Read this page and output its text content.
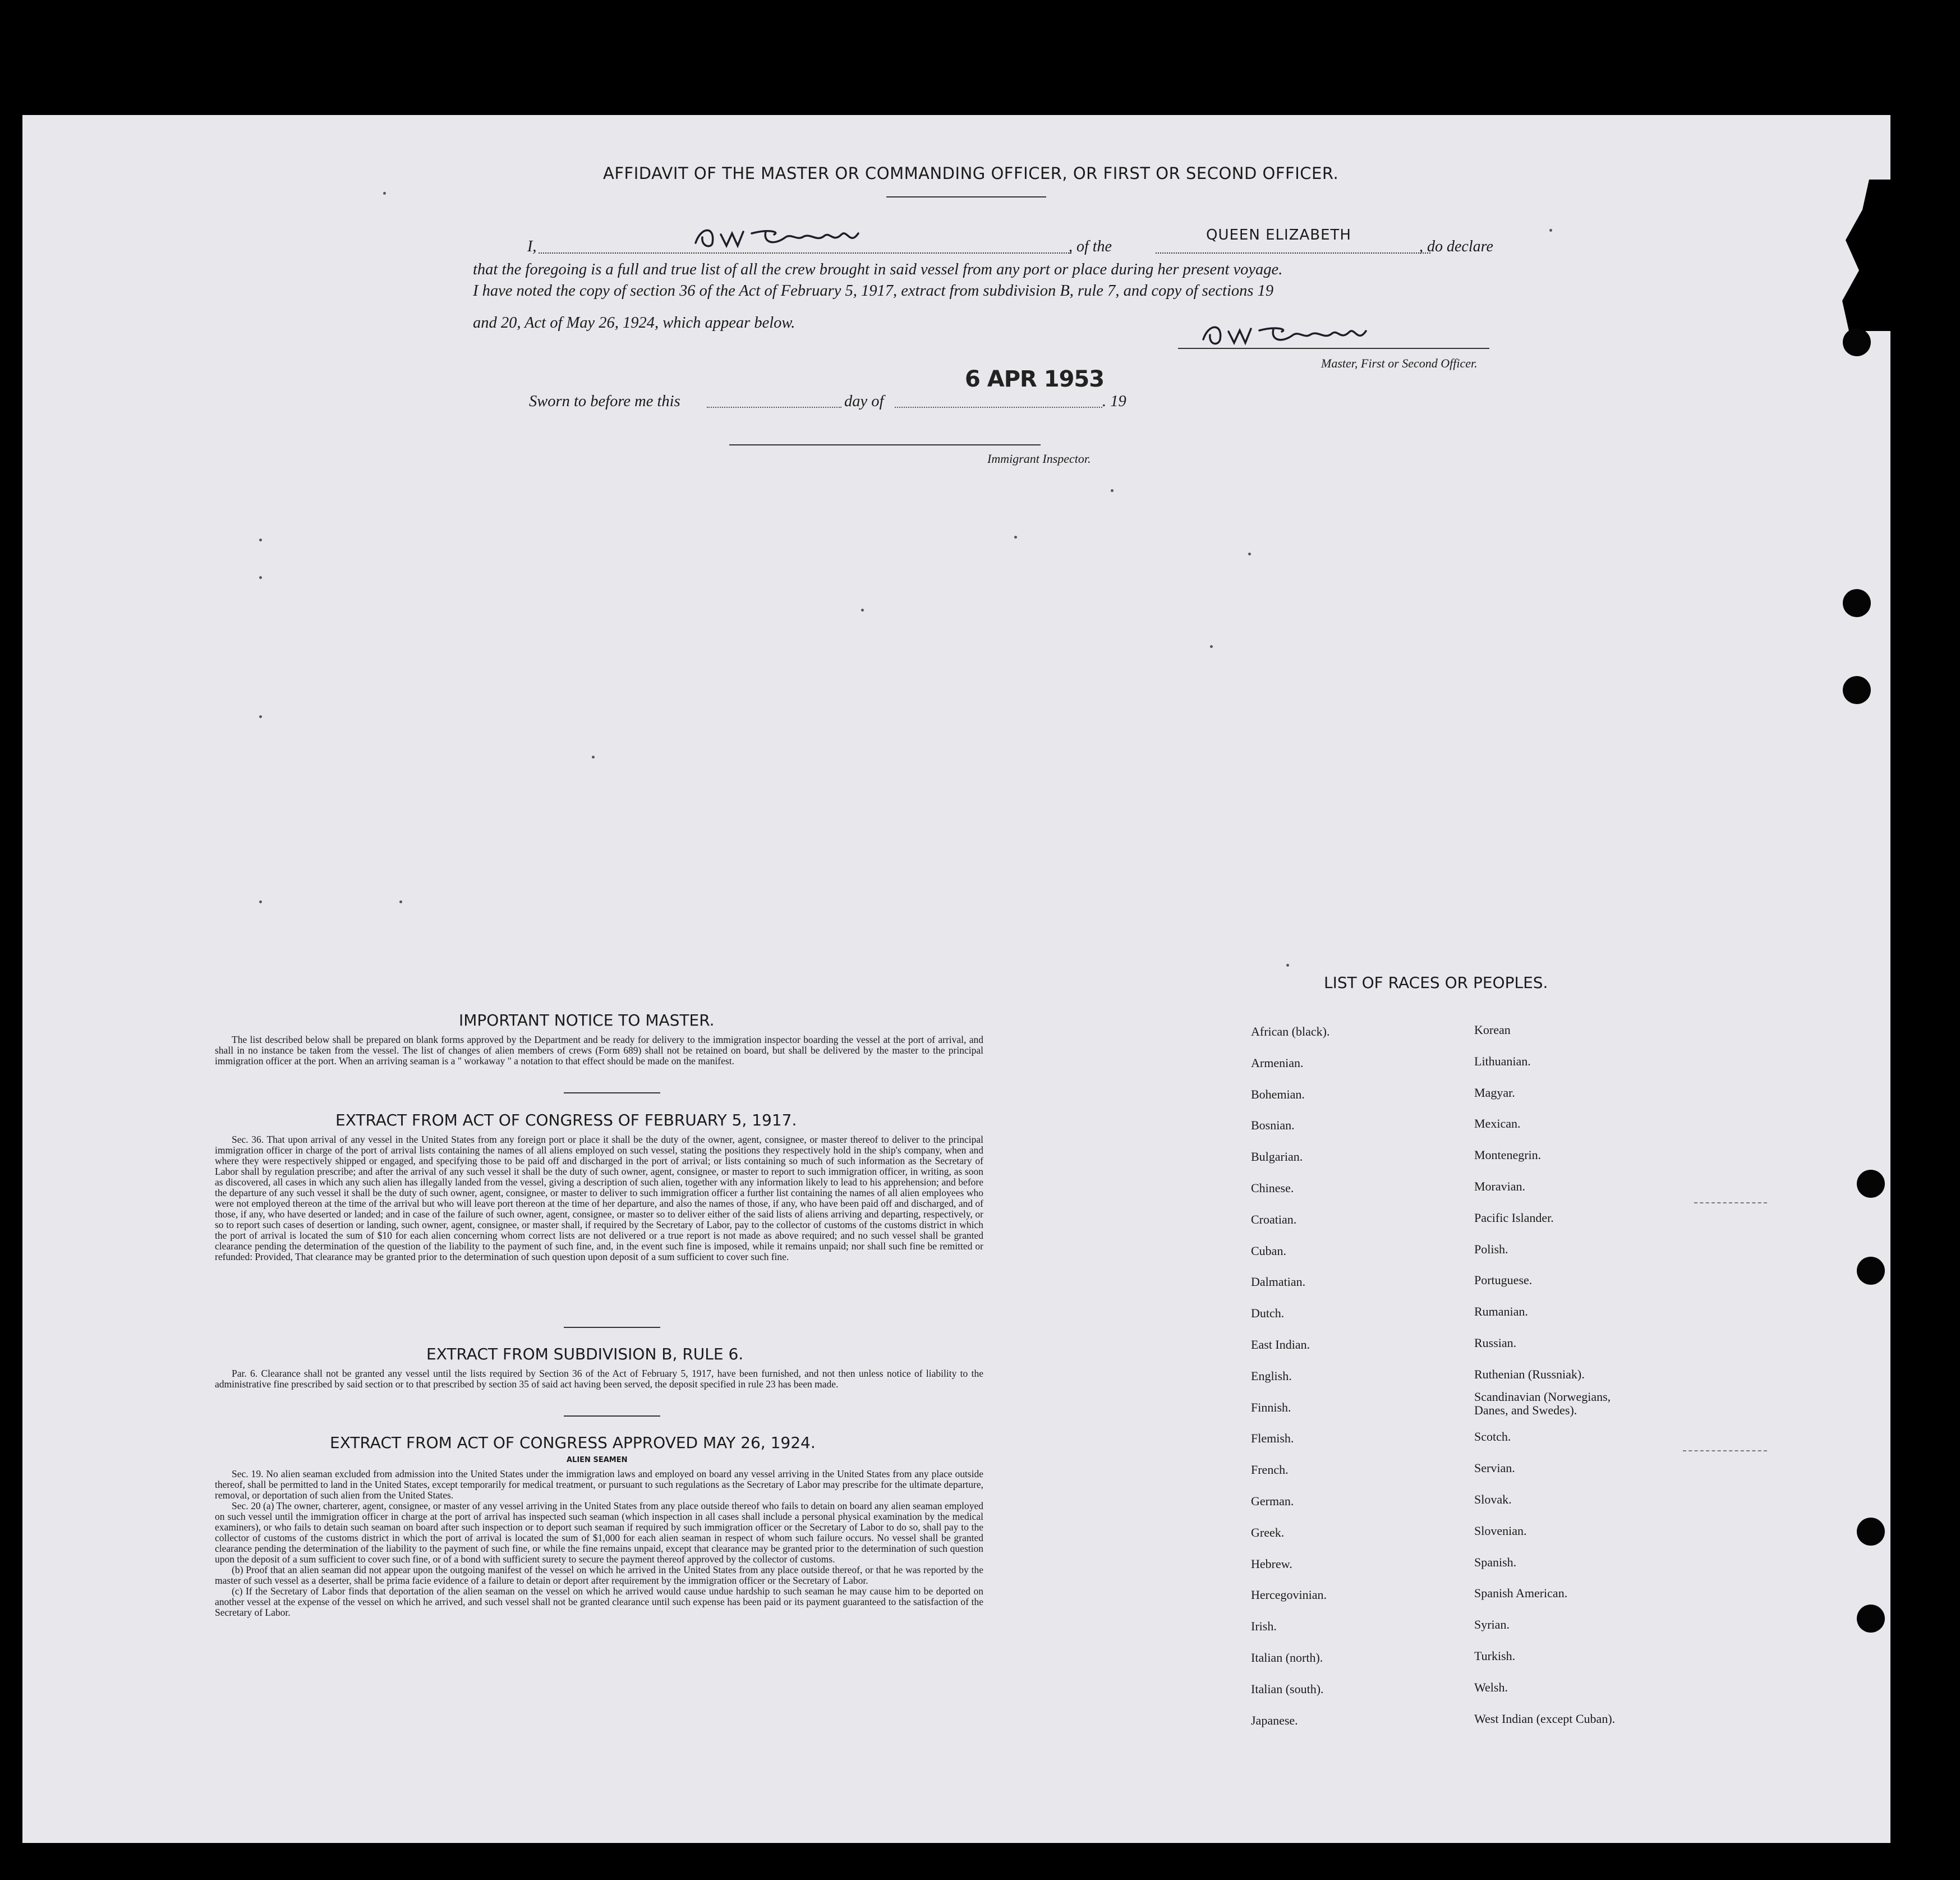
AFFIDAVIT OF THE MASTER OR COMMANDING OFFICER, OR FIRST OR SECOND OFFICER.
I,	, of the
QUEEN ELIZABETH
, do declare
that the foregoing is a full and true list of all the crew brought in said vessel from any port or place during her present voyage.
I have noted the copy of section 36 of the Act of February 5, 1917, extract from subdivision B, rule 7, and copy of sections 19
and 20, Act of May 26, 1924, which appear below.
Master, First or Second Officer.
Sworn to before me this	day of
6 APR 1953
. 19
Immigrant Inspector.
IMPORTANT NOTICE TO MASTER.

The list described below shall be prepared on blank forms approved by the Department and be ready for delivery to the immigration inspector boarding the vessel at the port of arrival, and shall in no instance be taken from the vessel. The list of changes of alien members of crews (Form 689) shall not be retained on board, but shall be delivered by the master to the principal immigration officer at the port. When an arriving seaman is a " workaway " a notation to that effect should be made on the manifest.

EXTRACT FROM ACT OF CONGRESS OF FEBRUARY 5, 1917.

Sec. 36. That upon arrival of any vessel in the United States from any foreign port or place it shall be the duty of the owner, agent, consignee, or master thereof to deliver to the principal immigration officer in charge of the port of arrival lists containing the names of all aliens employed on such vessel, stating the positions they respectively hold in the ship's company, when and where they were respectively shipped or engaged, and specifying those to be paid off and discharged in the port of arrival; or lists containing so much of such information as the Secretary of Labor shall by regulation prescribe; and after the arrival of any such vessel it shall be the duty of such owner, agent, consignee, or master to report to such immigration officer, in writing, as soon as discovered, all cases in which any such alien has illegally landed from the vessel, giving a description of such alien, together with any information likely to lead to his apprehension; and before the departure of any such vessel it shall be the duty of such owner, agent, consignee, or master to deliver to such immigration officer a further list containing the names of all alien employees who were not employed thereon at the time of the arrival but who will leave port thereon at the time of her departure, and also the names of those, if any, who have been paid off and discharged, and of those, if any, who have deserted or landed; and in case of the failure of such owner, agent, consignee, or master so to deliver either of the said lists of aliens arriving and departing, respectively, or so to report such cases of desertion or landing, such owner, agent, consignee, or master shall, if required by the Secretary of Labor, pay to the collector of customs of the customs district in which the port of arrival is located the sum of $10 for each alien concerning whom correct lists are not delivered or a true report is not made as above required; and no such vessel shall be granted clearance pending the determination of the question of the liability to the payment of such fine, and, in the event such fine is imposed, while it remains unpaid; nor shall such fine be remitted or refunded: Provided, That clearance may be granted prior to the determination of such question upon deposit of a sum sufficient to cover such fine.

EXTRACT FROM SUBDIVISION B, RULE 6.

Par. 6. Clearance shall not be granted any vessel until the lists required by Section 36 of the Act of February 5, 1917, have been furnished, and not then unless notice of liability to the administrative fine prescribed by said section or to that prescribed by section 35 of said act having been served, the deposit specified in rule 23 has been made.

EXTRACT FROM ACT OF CONGRESS APPROVED MAY 26, 1924.
ALIEN SEAMEN

Sec. 19. No alien seaman excluded from admission into the United States under the immigration laws and employed on board any vessel arriving in the United States from any place outside thereof, shall be permitted to land in the United States, except temporarily for medical treatment, or pursuant to such regulations as the Secretary of Labor may prescribe for the ultimate departure, removal, or deportation of such alien from the United States.

Sec. 20 (a) The owner, charterer, agent, consignee, or master of any vessel arriving in the United States from any place outside thereof who fails to detain on board any alien seaman employed on such vessel until the immigration officer in charge at the port of arrival has inspected such seaman (which inspection in all cases shall include a personal physical examination by the medical examiners), or who fails to detain such seaman on board after such inspection or to deport such seaman if required by such immigration officer or the Secretary of Labor to do so, shall pay to the collector of customs of the customs district in which the port of arrival is located the sum of $1,000 for each alien seaman in respect of whom such failure occurs. No vessel shall be granted clearance pending the determination of the liability to the payment of such fine, or while the fine remains unpaid, except that clearance may be granted prior to the determination of such question upon the deposit of a sum sufficient to cover such fine, or of a bond with sufficient surety to secure the payment thereof approved by the collector of customs.

(b) Proof that an alien seaman did not appear upon the outgoing manifest of the vessel on which he arrived in the United States from any place outside thereof, or that he was reported by the master of such vessel as a deserter, shall be prima facie evidence of a failure to detain or deport after requirement by the immigration officer or the Secretary of Labor.

(c) If the Secretary of Labor finds that deportation of the alien seaman on the vessel on which he arrived would cause undue hardship to such seaman he may cause him to be deported on another vessel at the expense of the vessel on which he arrived, and such vessel shall not be granted clearance until such expense has been paid or its payment guaranteed to the satisfaction of the Secretary of Labor.

LIST OF RACES OR PEOPLES.
African (black).
Armenian.
Bohemian.
Bosnian.
Bulgarian.
Chinese.
Croatian.
Cuban.
Dalmatian.
Dutch.
East Indian.
English.
Finnish.
Flemish.
French.
German.
Greek.
Hebrew.
Hercegovinian.
Irish.
Italian (north).
Italian (south).
Japanese.
Korean
Lithuanian.
Magyar.
Mexican.
Montenegrin.
Moravian.
Pacific Islander.
Polish.
Portuguese.
Rumanian.
Russian.
Ruthenian (Russniak).
Scandinavian (Norwegians, Danes, and Swedes).
Scotch.
Servian.
Slovak.
Slovenian.
Spanish.
Spanish American.
Syrian.
Turkish.
Welsh.
West Indian (except Cuban).
